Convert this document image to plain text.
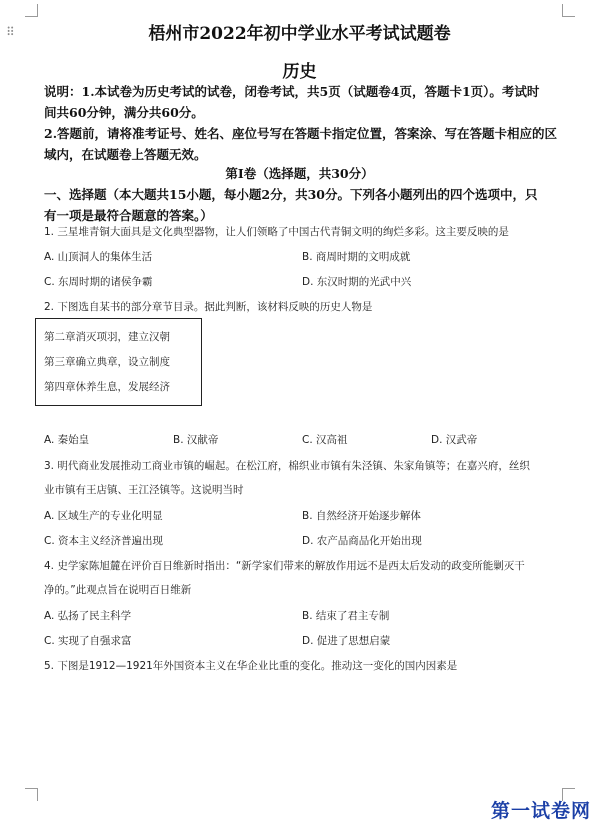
⠿	梧州市2022年初中学业水平考试试题卷
历史
说明：1.本试卷为历史考试的试卷，闭卷考试，共5页（试题卷4页，答题卡1页）。考试时
间共60分钟，满分共60分。
2.答题前，请将准考证号、姓名、座位号写在答题卡指定位置，答案涂、写在答题卡相应的区
域内，在试题卷上答题无效。
第Ⅰ卷（选择题，共30分）
一、选择题（本大题共15小题，每小题2分，共30分。下列各小题列出的四个选项中，只
有一项是最符合题意的答案。）
1. 三星堆青铜大面具是文化典型器物，让人们领略了中国古代青铜文明的绚烂多彩。这主要反映的是
A. 山顶洞人的集体生活	B. 商周时期的文明成就
C. 东周时期的诸侯争霸	D. 东汉时期的光武中兴
2. 下图选自某书的部分章节目录。据此判断，该材料反映的历史人物是
第二章消灭项羽，建立汉朝
第三章确立典章，设立制度
第四章休养生息，发展经济
A. 秦始皇	B. 汉献帝	C. 汉高祖	D. 汉武帝
3. 明代商业发展推动工商业市镇的崛起。在松江府，棉织业市镇有朱泾镇、朱家角镇等；在嘉兴府，丝织
业市镇有王店镇、王江泾镇等。这说明当时
A. 区域生产的专业化明显	B. 自然经济开始逐步解体
C. 资本主义经济普遍出现	D. 农产品商品化开始出现
4. 史学家陈旭麓在评价百日维新时指出：“新学家们带来的解放作用远不是西太后发动的政变所能剿灭干
净的。”此观点旨在说明百日维新
A. 弘扬了民主科学	B. 结束了君主专制
C. 实现了自强求富	D. 促进了思想启蒙
5. 下图是1912—1921年外国资本主义在华企业比重的变化。推动这一变化的国内因素是
第一试卷网
